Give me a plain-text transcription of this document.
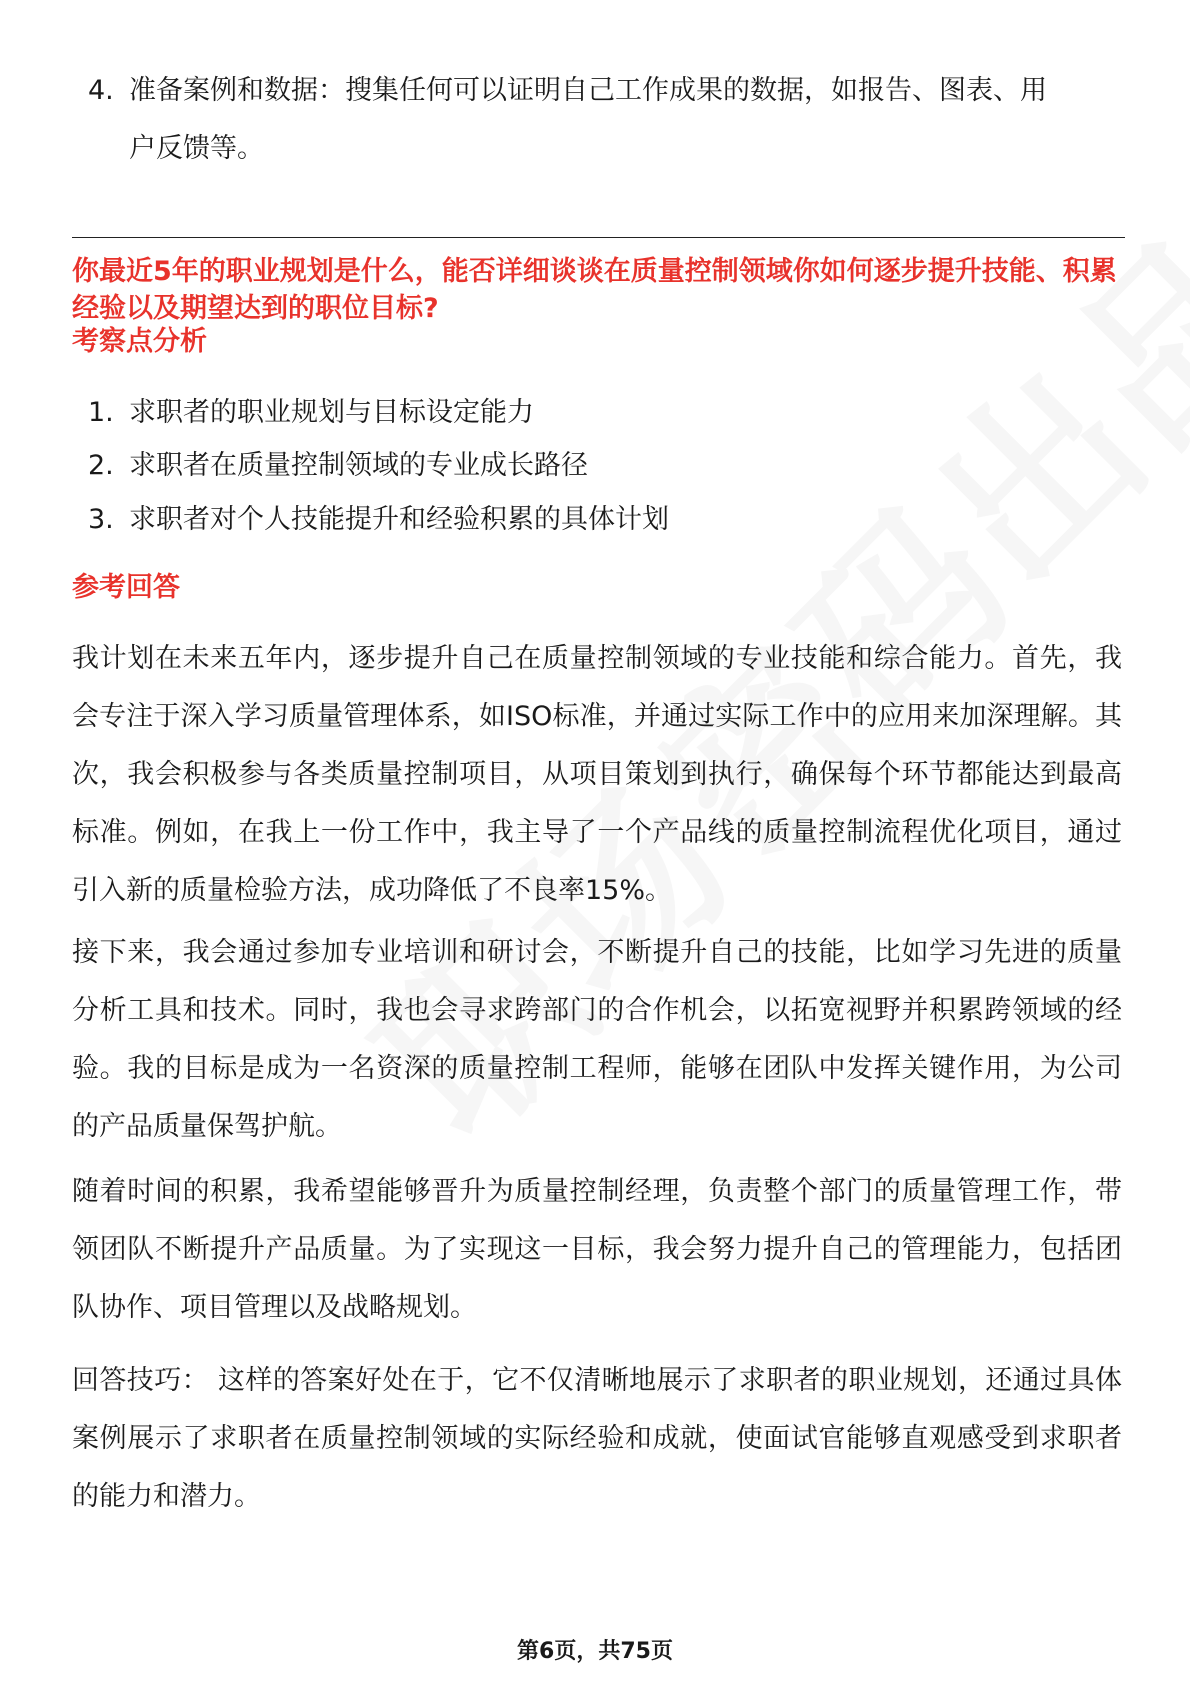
4. 准备案例和数据：搜集任何可以证明自己工作成果的数据，如报告、图表、用户反馈等。
你最近5年的职业规划是什么，能否详细谈谈在质量控制领域你如何逐步提升技能、积累经验以及期望达到的职位目标?
考察点分析
1. 求职者的职业规划与目标设定能力
2. 求职者在质量控制领域的专业成长路径
3. 求职者对个人技能提升和经验积累的具体计划
参考回答
我计划在未来五年内，逐步提升自己在质量控制领域的专业技能和综合能力。首先，我会专注于深入学习质量管理体系，如ISO标准，并通过实际工作中的应用来加深理解。其次，我会积极参与各类质量控制项目，从项目策划到执行，确保每个环节都能达到最高标准。例如，在我上一份工作中，我主导了一个产品线的质量控制流程优化项目，通过引入新的质量检验方法，成功降低了不良率15%。
接下来，我会通过参加专业培训和研讨会，不断提升自己的技能，比如学习先进的质量分析工具和技术。同时，我也会寻求跨部门的合作机会，以拓宽视野并积累跨领域的经验。我的目标是成为一名资深的质量控制工程师，能够在团队中发挥关键作用，为公司的产品质量保驾护航。
随着时间的积累，我希望能够晋升为质量控制经理，负责整个部门的质量管理工作，带领团队不断提升产品质量。为了实现这一目标，我会努力提升自己的管理能力，包括团队协作、项目管理以及战略规划。
回答技巧： 这样的答案好处在于，它不仅清晰地展示了求职者的职业规划，还通过具体案例展示了求职者在质量控制领域的实际经验和成就，使面试官能够直观感受到求职者的能力和潜力。
第6页，共75页
